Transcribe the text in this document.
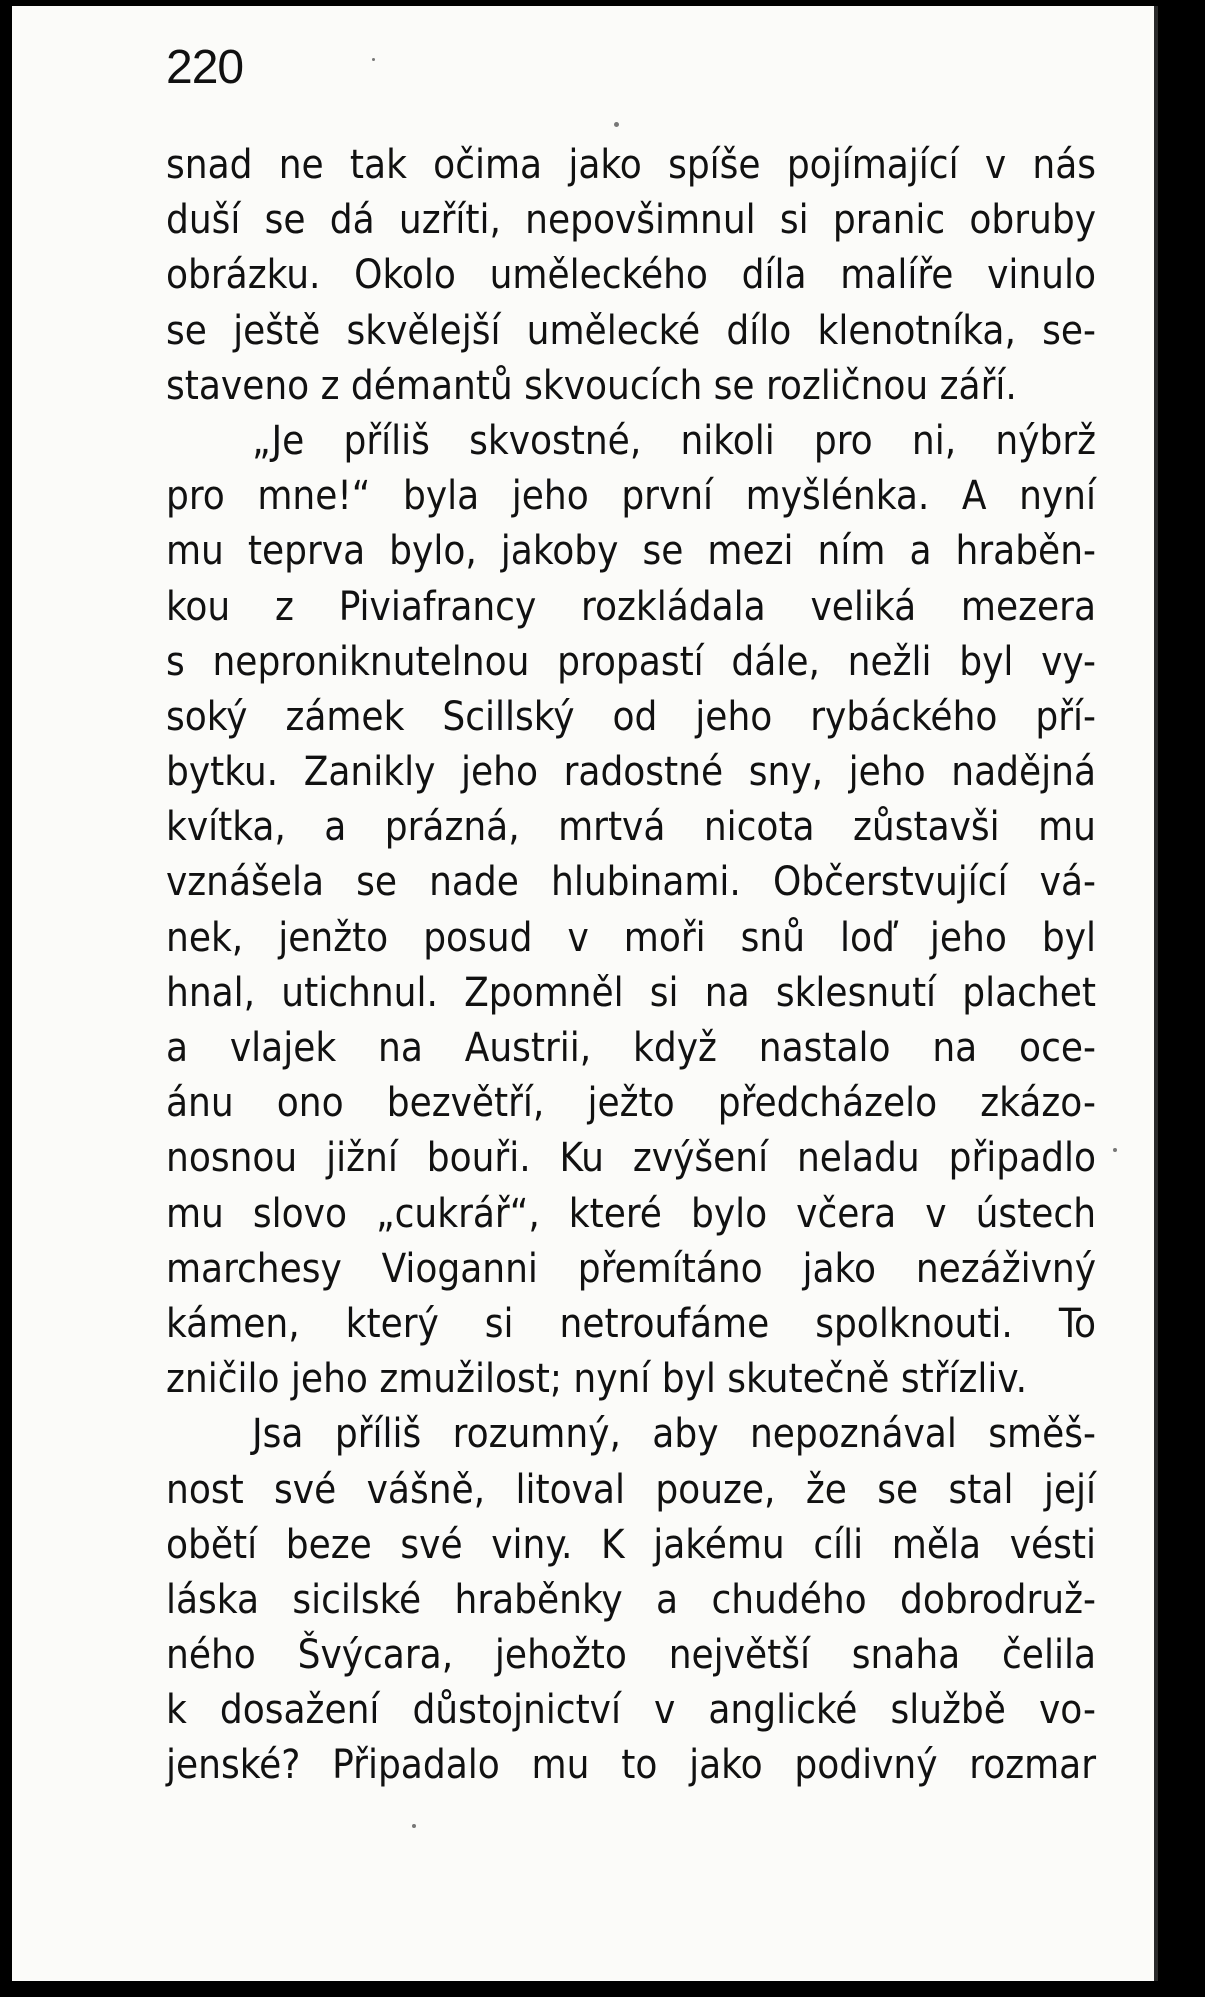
220
snad ne tak očima jako spíše pojímající v nás
duší se dá uzříti, nepovšimnul si pranic obruby
obrázku. Okolo uměleckého díla malíře vinulo
se ještě skvělejší umělecké dílo klenotníka, se-
staveno z démantů skvoucích se rozličnou září.
„Je příliš skvostné, nikoli pro ni, nýbrž
pro mne!“ byla jeho první myšlénka. A nyní
mu teprva bylo, jakoby se mezi ním a hraběn-
kou z Piviafrancy rozkládala veliká mezera
s neproniknutelnou propastí dále, nežli byl vy-
soký zámek Scillský od jeho rybáckého pří-
bytku. Zanikly jeho radostné sny, jeho nadějná
kvítka, a prázná, mrtvá nicota zůstavši mu
vznášela se nade hlubinami. Občerstvující vá-
nek, jenžto posud v moři snů loď jeho byl
hnal, utichnul. Zpomněl si na sklesnutí plachet
a vlajek na Austrii, když nastalo na oce-
ánu ono bezvětří, ježto předcházelo zkázo-
nosnou jižní bouři. Ku zvýšení neladu připadlo
mu slovo „cukrář“, které bylo včera v ústech
marchesy Vioganni přemítáno jako nezáživný
kámen, který si netroufáme spolknouti. To
zničilo jeho zmužilost; nyní byl skutečně střízliv.
Jsa příliš rozumný, aby nepoznával směš-
nost své vášně, litoval pouze, že se stal její
obětí beze své viny. K jakému cíli měla vésti
láska sicilské hraběnky a chudého dobrodruž-
ného Švýcara, jehožto největší snaha čelila
k dosažení důstojnictví v anglické službě vo-
jenské? Připadalo mu to jako podivný rozmar
